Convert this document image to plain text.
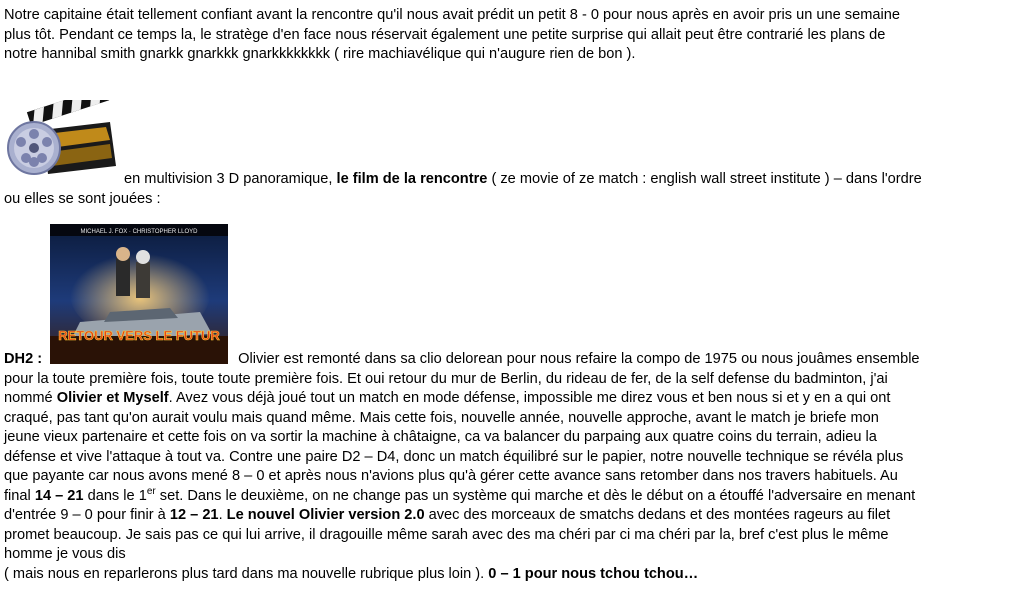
Notre capitaine était tellement confiant avant la rencontre qu'il nous avait prédit un petit 8 - 0 pour nous après en avoir pris un une semaine
plus tôt. Pendant ce temps la, le stratège d'en face nous réservait également une petite surprise qui allait peut être contrarié les plans de
notre hannibal smith gnarkk gnarkkk gnarkkkkkkkk ( rire machiavélique qui n'augure rien de bon ).

en multivision 3 D panoramique, le film de la rencontre ( ze movie of ze match : english wall street institute ) – dans l'ordre
ou elles se sont jouées :

MICHAEL J. FOX · CHRISTOPHER LLOYD
RETOUR VERS LE FUTUR

DH2 :	Olivier est remonté dans sa clio delorean pour nous refaire la compo de 1975 ou nous jouâmes ensemble
pour la toute première fois, toute toute première fois. Et oui retour du mur de Berlin, du rideau de fer, de la self defense du badminton, j'ai
nommé Olivier et Myself. Avez vous déjà joué tout un match en mode défense, impossible me direz vous et ben nous si et y en a qui ont
craqué, pas tant qu'on aurait voulu mais quand même. Mais cette fois, nouvelle année, nouvelle approche, avant le match je briefe mon
jeune vieux partenaire et cette fois on va sortir la machine à châtaigne, ca va balancer du parpaing aux quatre coins du terrain, adieu la
défense et vive l'attaque à tout va. Contre une paire D2 – D4, donc un match équilibré sur le papier, notre nouvelle technique se révéla plus
que payante car nous avons mené 8 – 0 et après nous n'avions plus qu'à gérer cette avance sans retomber dans nos travers habituels. Au
final 14 – 21 dans le 1er set. Dans le deuxième, on ne change pas un système qui marche et dès le début on a étouffé l'adversaire en menant
d'entrée 9 – 0 pour finir à 12 – 21. Le nouvel Olivier version 2.0 avec des morceaux de smatchs dedans et des montées rageurs au filet
promet beaucoup. Je sais pas ce qui lui arrive, il dragouille même sarah avec des ma chéri par ci ma chéri par la, bref c'est plus le même
homme je vous dis
( mais nous en reparlerons plus tard dans ma nouvelle rubrique plus loin ). 0 – 1 pour nous tchou tchou…
